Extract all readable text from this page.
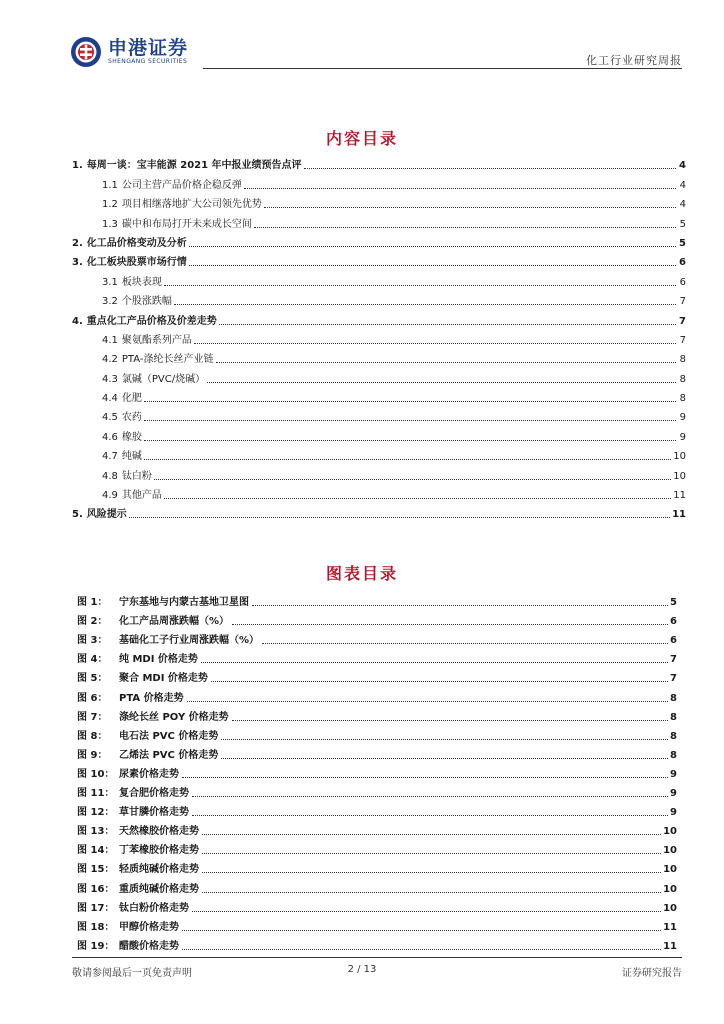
申港证券
SHENGANG SECURITIES	化工行业研究周报
内容目录
1. 每周一谈：宝丰能源 2021 年中报业绩预告点评	4
1.1 公司主营产品价格企稳反弹	4
1.2 项目相继落地扩大公司领先优势	4
1.3 碳中和布局打开未来成长空间	5
2. 化工品价格变动及分析	5
3. 化工板块股票市场行情	6
3.1 板块表现	6
3.2 个股涨跌幅	7
4. 重点化工产品价格及价差走势	7
4.1 聚氨酯系列产品	7
4.2 PTA-涤纶长丝产业链	8
4.3 氯碱（PVC/烧碱）	8
4.4 化肥	8
4.5 农药	9
4.6 橡胶	9
4.7 纯碱	10
4.8 钛白粉	10
4.9 其他产品	11
5. 风险提示	11
图表目录
图 1：	宁东基地与内蒙古基地卫星图	5
图 2：	化工产品周涨跌幅（%）	6
图 3：	基础化工子行业周涨跌幅（%）	6
图 4：	纯 MDI 价格走势	7
图 5：	聚合 MDI 价格走势	7
图 6：	PTA 价格走势	8
图 7：	涤纶长丝 POY 价格走势	8
图 8：	电石法 PVC 价格走势	8
图 9：	乙烯法 PVC 价格走势	8
图 10： 尿素价格走势	9
图 11： 复合肥价格走势	9
图 12： 草甘膦价格走势	9
图 13： 天然橡胶价格走势	10
图 14： 丁苯橡胶价格走势	10
图 15： 轻质纯碱价格走势	10
图 16： 重质纯碱价格走势	10
图 17： 钛白粉价格走势	10
图 18： 甲醇价格走势	11
图 19： 醋酸价格走势	11
敬请参阅最后一页免责声明	2 / 13	证券研究报告
